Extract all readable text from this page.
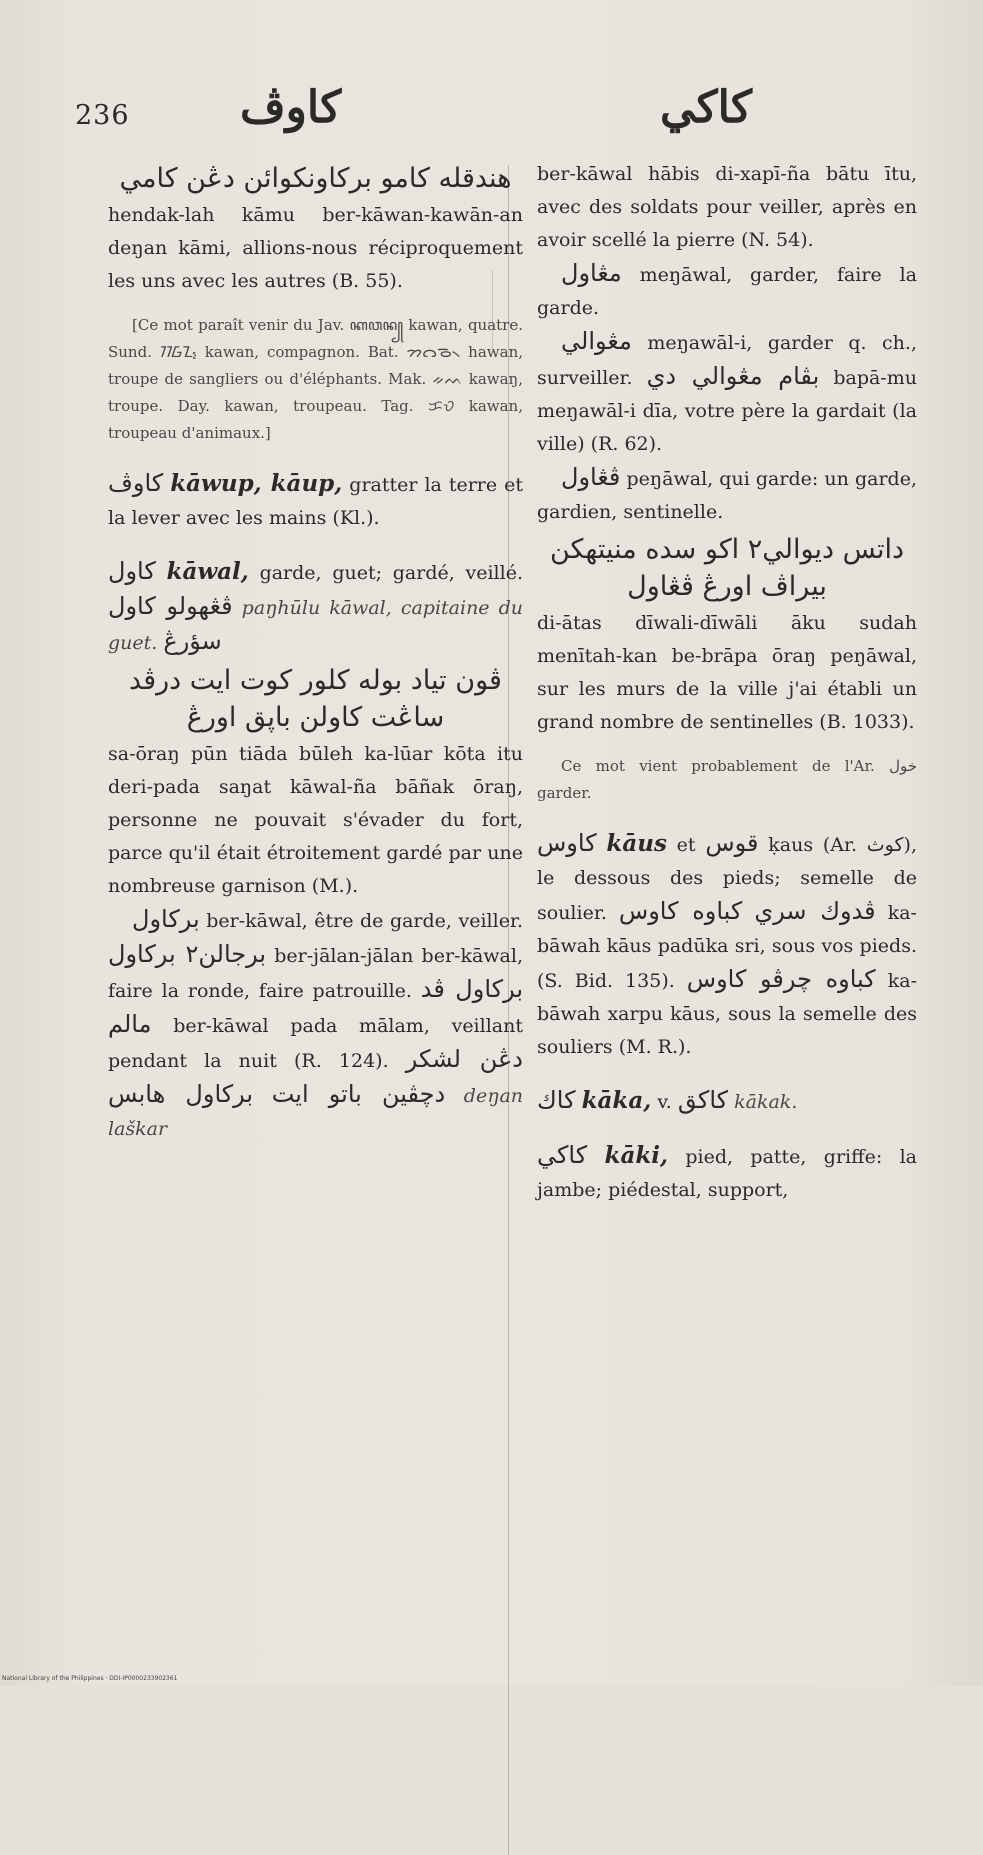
236	كاوڤ	كاكي
هندقله كامو بركاونكوائن دڠن كامي

hendak-lah kāmu ber-kāwan-kawān-an deŋan kāmi, allions-nous réciproquement les uns avec les autres (B. 55).

[Ce mot paraît venir du Jav. ꦏꦮꦤ꧀ kawan, quatre. Sund. ᮊᮝᮔ᮪ kawan, compagnon. Bat. ᯂᯋᯉ᯲ hawan, troupe de sangliers ou d'éléphants. Mak. ᨀᨓ kawaŋ, troupe. Day. kawan, troupeau. Tag. ᜃᜏ kawan, troupeau d'animaux.]

كاوڤ kāwup, kāup, gratter la terre et la lever avec les mains (Kl.).

كاول kāwal, garde, guet; gardé, veillé. ڤڠهولو كاول paŋhūlu kāwal, capitaine du guet. سؤرڠ

ڤون تياد بوله كلور كوت ايت درڤد
ساڠت كاولن باڽق اورڠ

sa-ōraŋ pūn tiāda būleh ka-lūar kōta itu deri-pada saŋat kāwal-ña bāñak ōraŋ, personne ne pouvait s'évader du fort, parce qu'il était étroitement gardé par une nombreuse garnison (M.).

بركاول ber-kāwal, être de garde, veiller. برجالن٢ بركاول ber-jālan-jālan ber-kāwal, faire la ronde, faire patrouille. بركاول ڤد مالم ber-kāwal pada mālam, veillant pendant la nuit (R. 124). دڠن لشكر بركاول هابس دچڤين باتو ايت deŋan laškar

ber-kāwal hābis di-xapī-ña bātu ītu, avec des soldats pour veiller, après en avoir scellé la pierre (N. 54).

مڠاول meŋāwal, garder, faire la garde.

مڠوالي meŋawāl-i, garder q. ch., surveiller. بڤام مڠوالي دي bapā-mu meŋawāl-i dīa, votre père la gardait (la ville) (R. 62).

ڤڠاول peŋāwal, qui garde: un garde, gardien, sentinelle.

داتس ديوالي٢ اكو سده منيتهكن
بيراڤ اورڠ ڤڠاول

di-ātas dīwali-dīwāli āku sudah menītah-kan be-brāpa ōraŋ peŋāwal, sur les murs de la ville j'ai établi un grand nombre de sentinelles (B. 1033).

Ce mot vient probablement de l'Ar. خول garder.

كاوس kāus et قوس ḳaus (Ar. كوث), le dessous des pieds; semelle de soulier. كباوه كاوس ڤدوك سري ka-bāwah kāus padūka sri, sous vos pieds. (S. Bid. 135). كباوه چرڤو كاوس ka-bāwah xarpu kāus, sous la semelle des souliers (M. R.).

كاك kāka, v. كاكق kākak.

كاكي kāki, pied, patte, griffe: la jambe; piédestal, support,

National Library of the Philippines · DDI-IP0000233902361
